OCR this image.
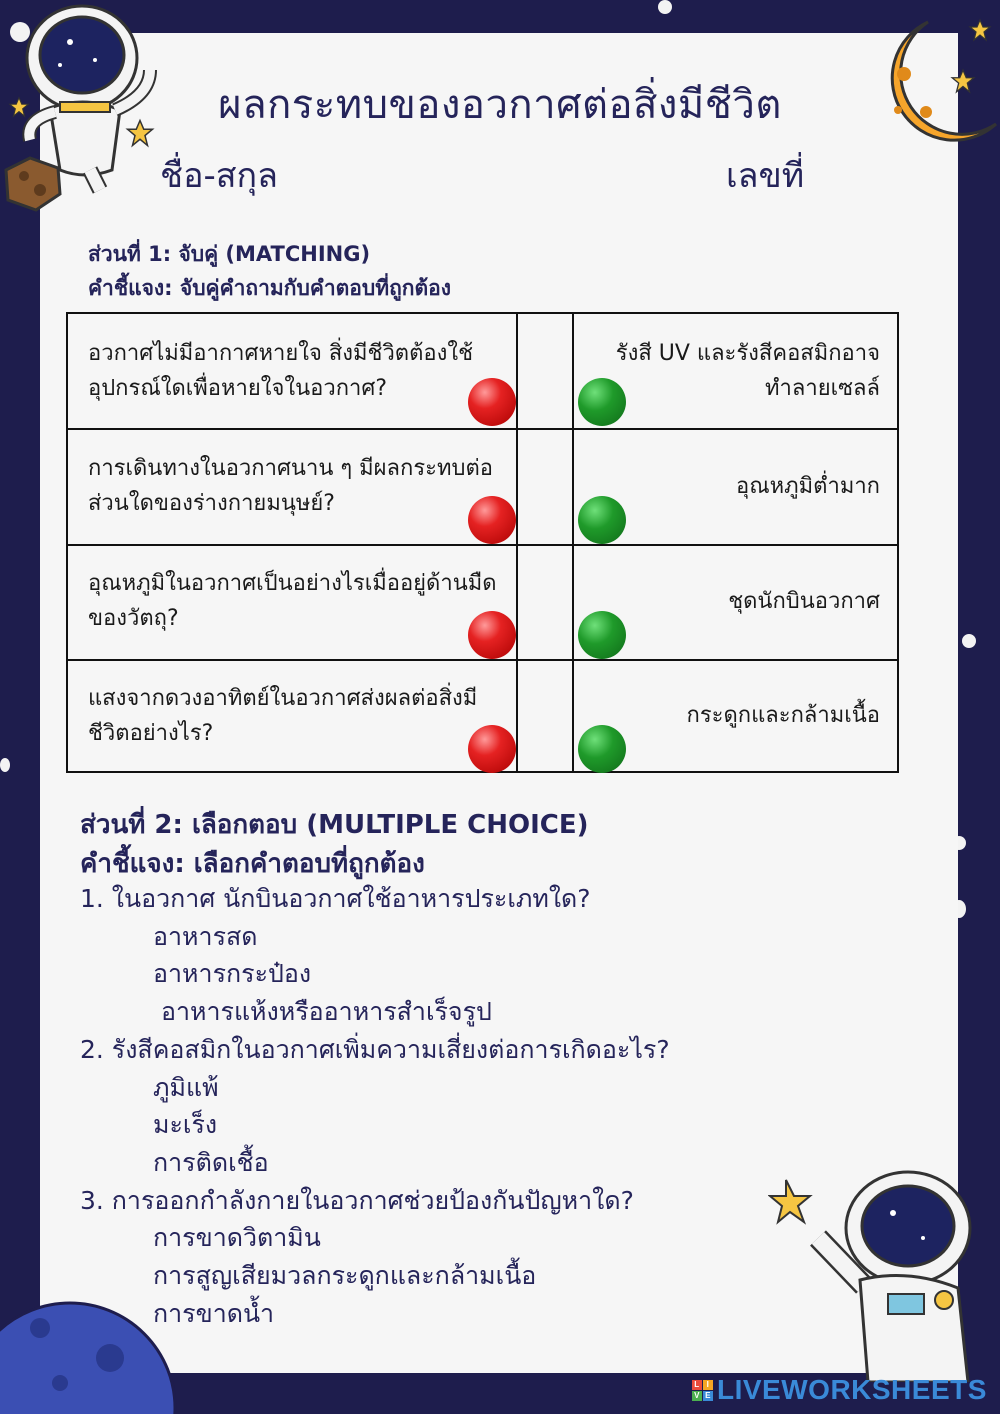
ผลกระทบของอวกาศต่อสิ่งมีชีวิต
ชื่อ-สกุล	เลขที่
ส่วนที่ 1: จับคู่ (MATCHING)
คำชี้แจง: จับคู่คำถามกับคำตอบที่ถูกต้อง
อวกาศไม่มีอากาศหายใจ สิ่งมีชีวิตต้องใช้อุปกรณ์ใดเพื่อหายใจในอวกาศ?
การเดินทางในอวกาศนาน ๆ มีผลกระทบต่อส่วนใดของร่างกายมนุษย์?
อุณหภูมิในอวกาศเป็นอย่างไรเมื่ออยู่ด้านมืดของวัตถุ?
แสงจากดวงอาทิตย์ในอวกาศส่งผลต่อสิ่งมีชีวิตอย่างไร?
รังสี UV และรังสีคอสมิกอาจทำลายเซลล์
อุณหภูมิต่ำมาก
ชุดนักบินอวกาศ
กระดูกและกล้ามเนื้อ
ส่วนที่ 2: เลือกตอบ (MULTIPLE CHOICE)
คำชี้แจง: เลือกคำตอบที่ถูกต้อง
1. ในอวกาศ นักบินอวกาศใช้อาหารประเภทใด?
อาหารสด
อาหารกระป๋อง
อาหารแห้งหรืออาหารสำเร็จรูป
2. รังสีคอสมิกในอวกาศเพิ่มความเสี่ยงต่อการเกิดอะไร?
ภูมิแพ้
มะเร็ง
การติดเชื้อ
3. การออกกำลังกายในอวกาศช่วยป้องกันปัญหาใด?
การขาดวิตามิน
การสูญเสียมวลกระดูกและกล้ามเนื้อ
การขาดน้ำ
L I
V E LIVEWORKSHEETS
